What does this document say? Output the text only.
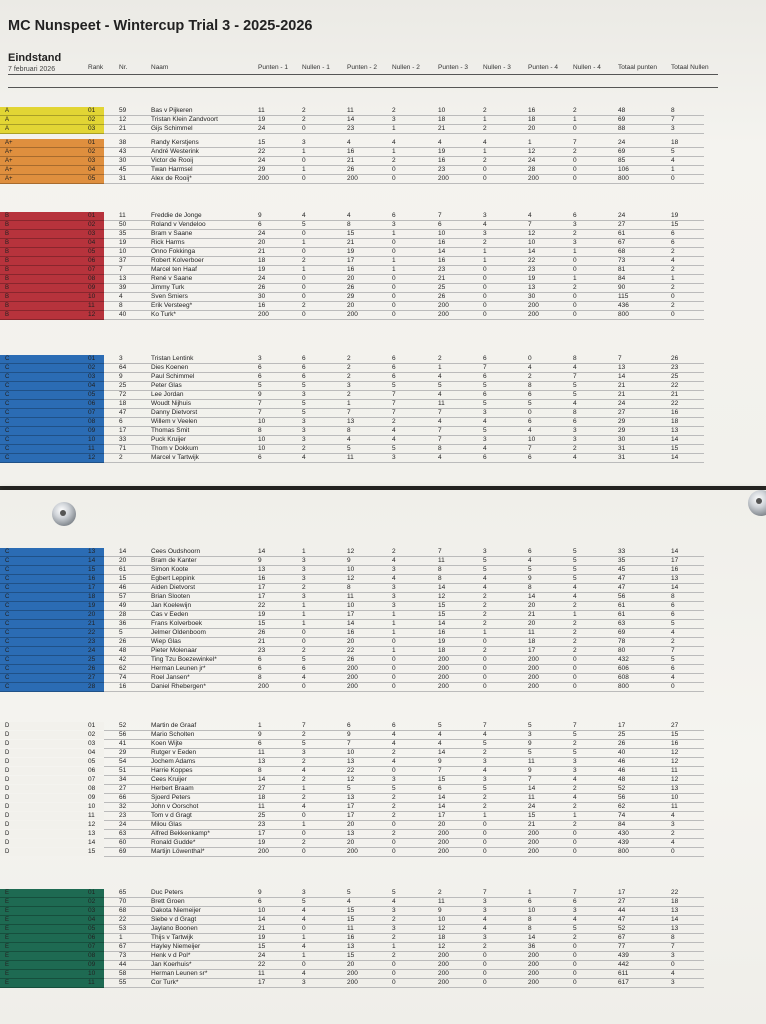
MC Nunspeet - Wintercup Trial 3 - 2025-2026
Eindstand
7 februari 2026	Rank Nr.	Naam	Punten - 1 Nullen - 1	Punten - 2 Nullen - 2	Punten - 3 Nullen - 3	Punten - 4 Nullen - 4	Totaal punten Totaal Nullen
A	01	59	Bas v Pijkeren	11	2	11	2	10	2	16	2	48	8
A	02	12	Tristan Klein Zandvoort	19	2	14	3	18	1	18	1	69	7
A	03	21	Gijs Schimmel	24	0	23	1	21	2	20	0	88	3
A+	01	38	Randy Kerstjens	15	3	4	4	4	4	1	7	24	18
A+	02	43	André Westerink	22	1	16	1	19	1	12	2	69	5
A+	03	30	Victor de Rooij	24	0	21	2	16	2	24	0	85	4
A+	04	45	Twan Harmsel	29	1	26	0	23	0	28	0	106	1
A+	05	31	Alex de Rooij*	200	0	200	0	200	0	200	0	800	0
B	01	11	Freddie de Jonge	9	4	4	6	7	3	4	6	24	19
B	02	50	Roland v Vendeloo	6	5	8	3	6	4	7	3	27	15
B	03	35	Bram v Saane	24	0	15	1	10	3	12	2	61	6
B	04	19	Rick Harms	20	1	21	0	16	2	10	3	67	6
B	05	10	Onno Fokkinga	21	0	19	0	14	1	14	1	68	2
B	06	37	Robert Kolverboer	18	2	17	1	16	1	22	0	73	4
B	07	7	Marcel ten Haaf	19	1	16	1	23	0	23	0	81	2
B	08	13	René v Saane	24	0	20	0	21	0	19	1	84	1
B	09	39	Jimmy Turk	26	0	26	0	25	0	13	2	90	2
B	10	4	Sven Smiers	30	0	29	0	26	0	30	0	115	0
B	11	8	Erik Versteeg*	16	2	20	0	200	0	200	0	436	2
B	12	40	Ko Turk*	200	0	200	0	200	0	200	0	800	0
C	01	3	Tristan Lentink	3	6	2	6	2	6	0	8	7	26
C	02	64	Dies Koenen	6	6	2	6	1	7	4	4	13	23
C	03	9	Paul Schimmel	6	6	2	6	4	6	2	7	14	25
C	04	25	Peter Glas	5	5	3	5	5	5	8	5	21	22
C	05	72	Lee Jordan	9	3	2	7	4	6	6	5	21	21
C	06	18	Woudt Nijhuis	7	5	1	7	11	5	5	4	24	22
C	07	47	Danny Dietvorst	7	5	7	7	7	3	0	8	27	16
C	08	6	Willem v Veelen	10	3	13	2	4	4	6	6	29	18
C	09	17	Thomas Smit	8	3	8	4	7	5	4	3	29	13
C	10	33	Puck Kruijer	10	3	4	4	7	3	10	3	30	14
C	11	71	Thom v Dokkum	10	2	5	5	8	4	7	2	31	15
C	12	2	Marcel v Tartwijk	6	4	11	3	4	6	6	4	31	14
C	13	14	Cees Oudshoorn	14	1	12	2	7	3	6	5	33	14
C	14	20	Bram de Kanter	9	3	9	4	11	5	4	5	35	17
C	15	61	Simon Koote	13	3	10	3	8	5	5	5	45	16
C	16	15	Egbert Leppink	16	3	12	4	8	4	9	5	47	13
C	17	46	Aiden Dietvorst	17	2	8	3	14	4	8	4	47	14
C	18	57	Brian Slooten	17	3	11	3	12	2	14	4	56	8
C	19	49	Jan Koelewijn	22	1	10	3	15	2	20	2	61	6
C	20	28	Cas v Eeden	19	1	17	1	15	2	21	1	61	6
C	21	36	Frans Kolverboek	15	1	14	1	14	2	20	2	63	5
C	22	5	Jelmer Oldenboom	26	0	16	1	16	1	11	2	69	4
C	23	26	Wiep Glas	21	0	20	0	19	0	18	2	78	2
C	24	48	Pieter Molenaar	23	2	22	1	18	2	17	2	80	7
C	25	42	Ting Tzu Boezewinkel*	6	5	26	0	200	0	200	0	432	5
C	26	62	Herman Leunen jr*	6	6	200	0	200	0	200	0	606	6
C	27	74	Roel Jansen*	8	4	200	0	200	0	200	0	608	4
C	28	16	Daniel Rhebergen*	200	0	200	0	200	0	200	0	800	0
D	01	52	Martin de Graaf	1	7	6	6	5	7	5	7	17	27
D	02	56	Mario Scholten	9	2	9	4	4	4	3	5	25	15
D	03	41	Koen Wijte	6	5	7	4	4	5	9	2	26	16
D	04	29	Rutger v Eeden	11	3	10	2	14	2	5	5	40	12
D	05	54	Jochem Adams	13	2	13	4	9	3	11	3	46	12
D	06	51	Harrie Koppes	8	4	22	0	7	4	9	3	46	11
D	07	34	Cees Kruijer	14	2	12	3	15	3	7	4	48	12
D	08	27	Herbert Braam	27	1	5	5	6	5	14	2	52	13
D	09	66	Sjoerd Peters	18	2	13	2	14	2	11	4	56	10
D	10	32	John v Oorschot	11	4	17	2	14	2	24	2	62	11
D	11	23	Tom v d Gragt	25	0	17	2	17	1	15	1	74	4
D	12	24	Milou Glas	23	1	20	0	20	0	21	2	84	3
D	13	63	Alfred Bekkenkamp*	17	0	13	2	200	0	200	0	430	2
D	14	60	Ronald Gudde*	19	2	20	0	200	0	200	0	439	4
D	15	69	Martijn Löwenthal*	200	0	200	0	200	0	200	0	800	0
E	01	65	Duc Peters	9	3	5	5	2	7	1	7	17	22
E	02	70	Brett Groen	6	5	4	4	11	3	6	6	27	18
E	03	68	Dakota Niemeijer	10	4	15	3	9	3	10	3	44	13
E	04	22	Siebe v d Gragt	14	4	15	2	10	4	8	4	47	14
E	05	53	Jaylano Boonen	21	0	11	3	12	4	8	5	52	13
E	06	1	Thijs v Tartwijk	19	1	16	2	18	3	14	2	67	8
E	07	67	Hayley Niemeijer	15	4	13	1	12	2	36	0	77	7
E	08	73	Henk v d Pol*	24	1	15	2	200	0	200	0	439	3
E	09	44	Jan Koerhuis*	22	0	20	0	200	0	200	0	442	0
E	10	58	Herman Leunen sr*	11	4	200	0	200	0	200	0	611	4
E	11	55	Cor Turk*	17	3	200	0	200	0	200	0	617	3
